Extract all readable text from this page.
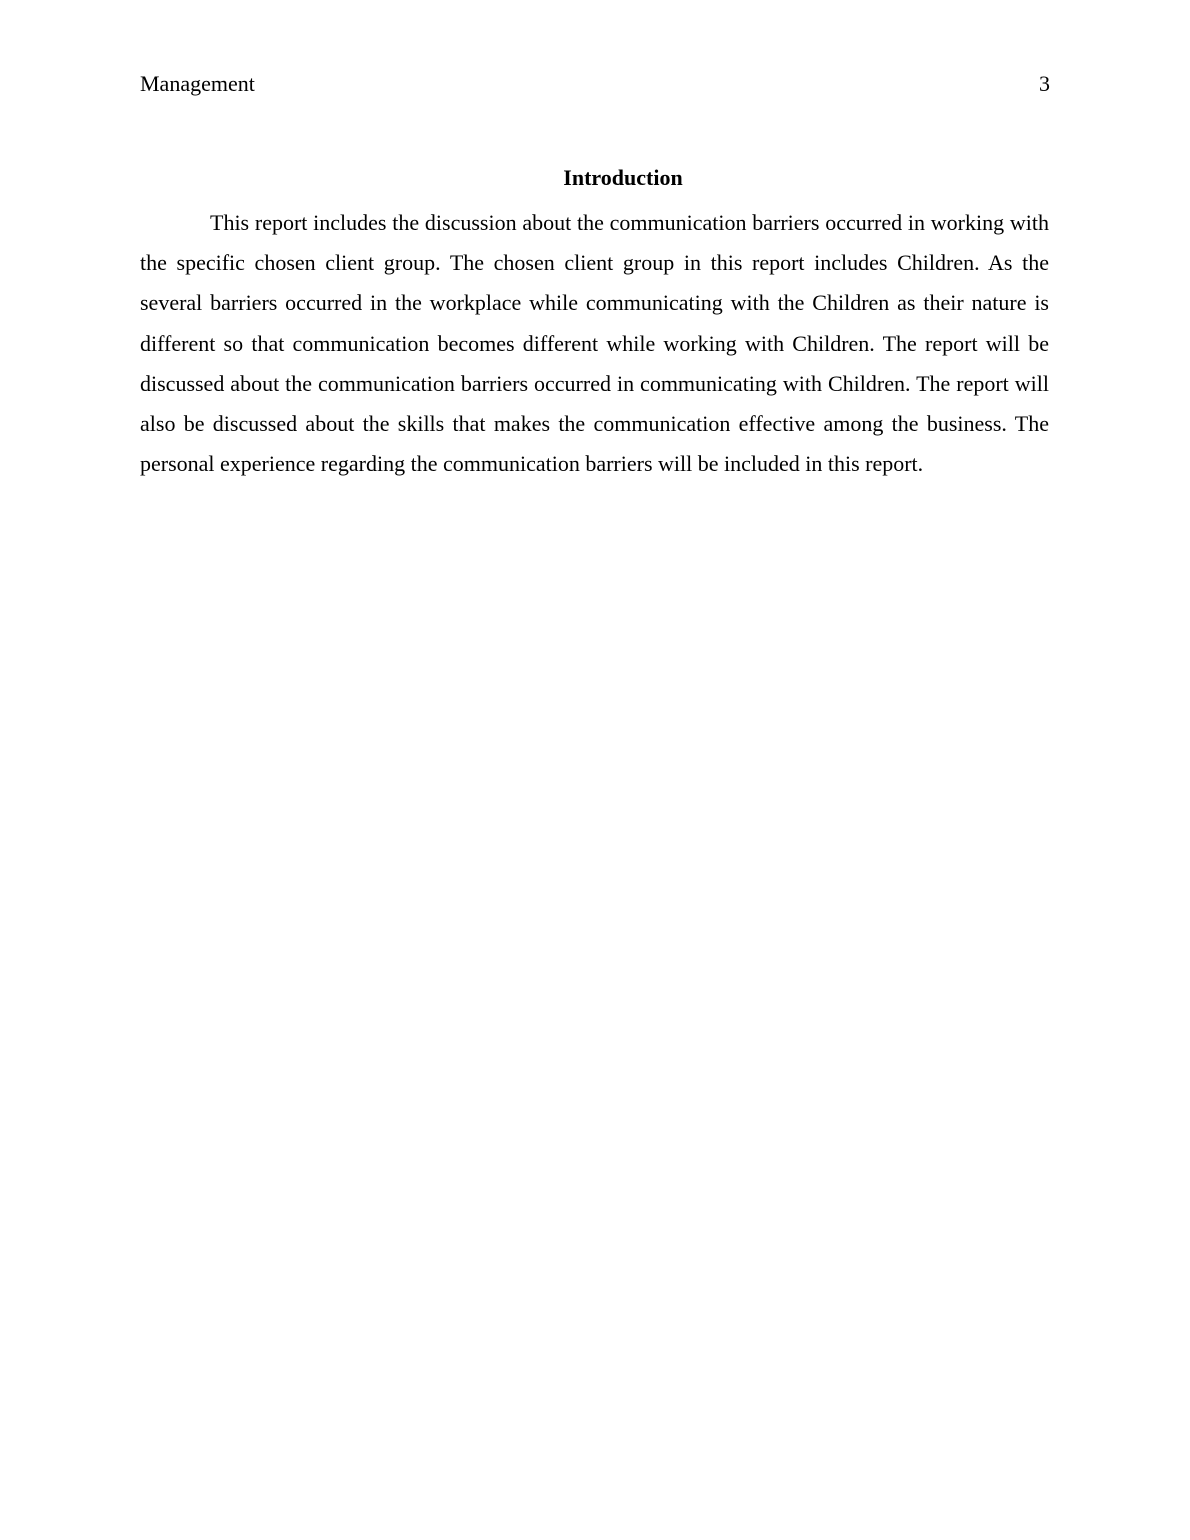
Management	3
Introduction

This report includes the discussion about the communication barriers occurred in working with the specific chosen client group. The chosen client group in this report includes Children. As the several barriers occurred in the workplace while communicating with the Children as their nature is different so that communication becomes different while working with Children. The report will be discussed about the communication barriers occurred in communicating with Children. The report will also be discussed about the skills that makes the communication effective among the business. The personal experience regarding the communication barriers will be included in this report.
